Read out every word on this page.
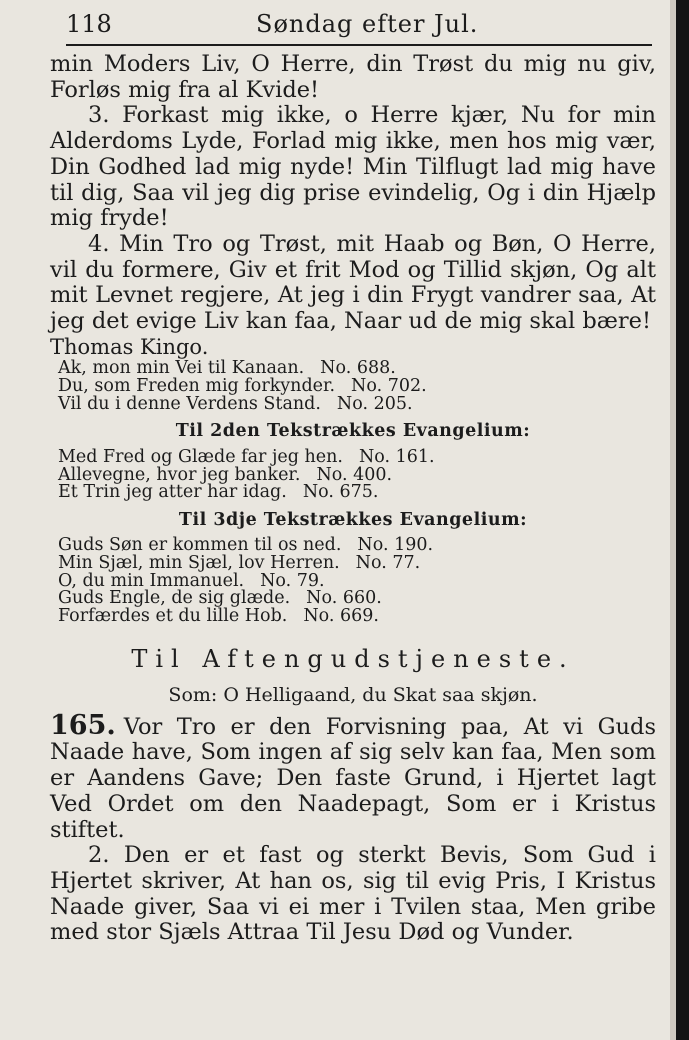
118	Søndag efter Jul.

min Moders Liv, O Herre, din Trøst du mig nu giv, Forløs mig fra al Kvide!

3. Forkast mig ikke, o Herre kjær, Nu for min Alderdoms Lyde, Forlad mig ikke, men hos mig vær, Din Godhed lad mig nyde! Min Tilflugt lad mig have til dig, Saa vil jeg dig prise evindelig, Og i din Hjælp mig fryde!

4. Min Tro og Trøst, mit Haab og Bøn, O Herre, vil du formere, Giv et frit Mod og Tillid skjøn, Og alt mit Levnet regjere, At jeg i din Frygt vandrer saa, At jeg det evige Liv kan faa, Naar ud de mig skal bære!

Thomas Kingo.

Ak, mon min Vei til Kanaan. No. 688.
Du, som Freden mig forkynder. No. 702.
Vil du i denne Verdens Stand. No. 205.
Til 2den Tekstrækkes Evangelium:
Med Fred og Glæde far jeg hen. No. 161.
Allevegne, hvor jeg banker. No. 400.
Et Trin jeg atter har idag. No. 675.
Til 3dje Tekstrækkes Evangelium:
Guds Søn er kommen til os ned. No. 190.
Min Sjæl, min Sjæl, lov Herren. No. 77.
O, du min Immanuel. No. 79.
Guds Engle, de sig glæde. No. 660.
Forfærdes et du lille Hob. No. 669.
Til Aftengudstjeneste.
Som: O Helligaand, du Skat saa skjøn.

165. Vor Tro er den Forvisning paa, At vi Guds Naade have, Som ingen af sig selv kan faa, Men som er Aandens Gave; Den faste Grund, i Hjertet lagt Ved Ordet om den Naadepagt, Som er i Kristus stiftet.

2. Den er et fast og sterkt Bevis, Som Gud i Hjertet skriver, At han os, sig til evig Pris, I Kristus Naade giver, Saa vi ei mer i Tvilen staa, Men gribe med stor Sjæls Attraa Til Jesu Død og Vunder.
